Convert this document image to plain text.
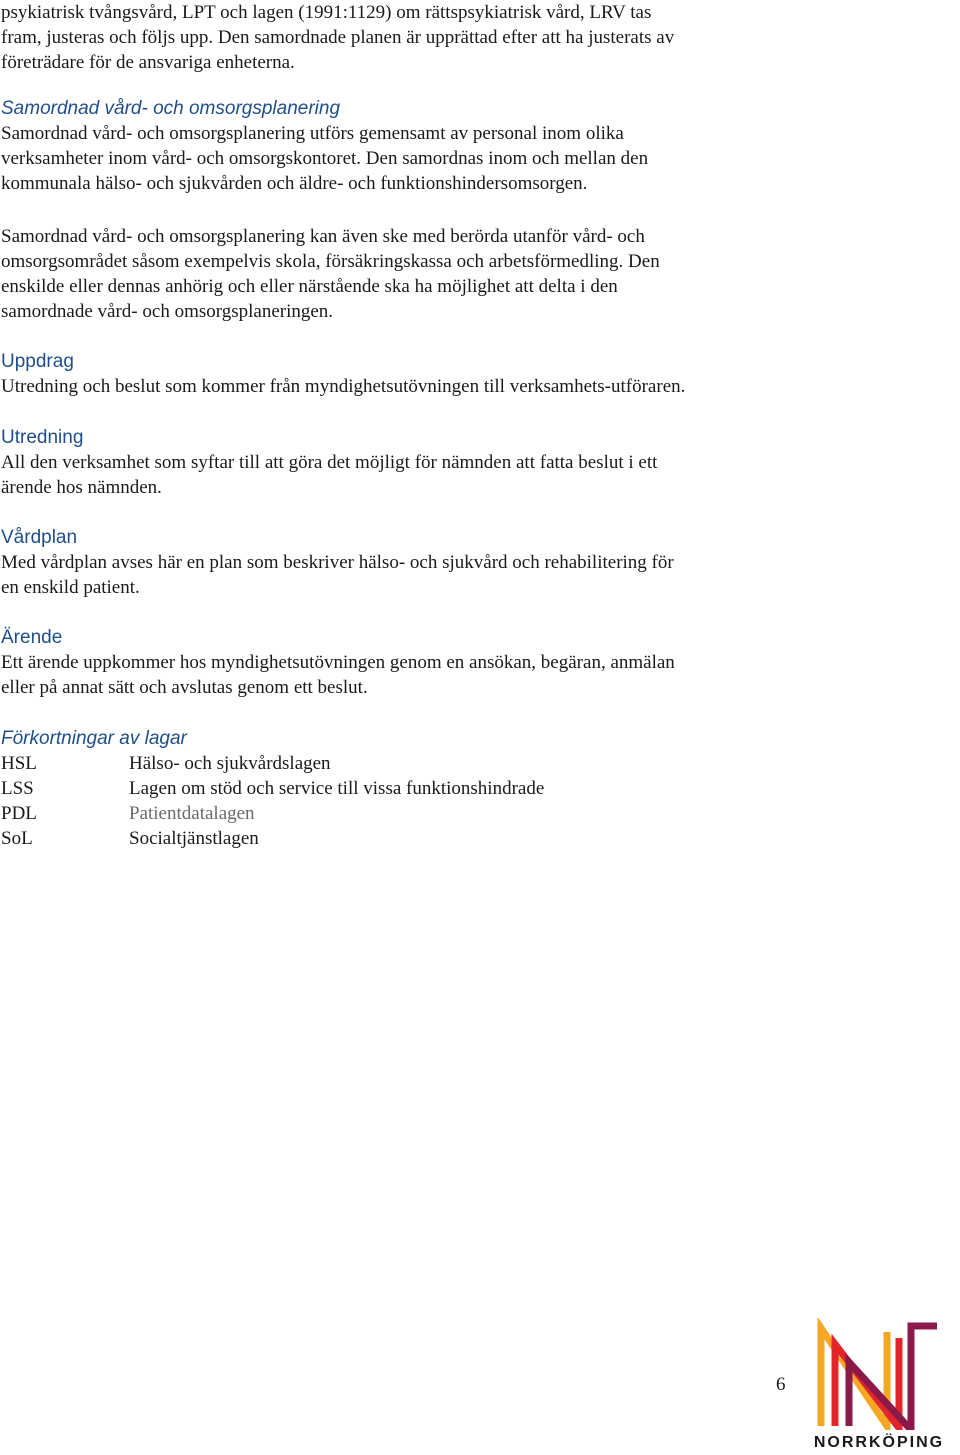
psykiatrisk tvångsvård, LPT och lagen (1991:1129) om rättspsykiatrisk vård, LRV tas

fram, justeras och följs upp. Den samordnade planen är upprättad efter att ha justerats av

företrädare för de ansvariga enheterna.

Samordnad vård- och omsorgsplanering

Samordnad vård- och omsorgsplanering utförs gemensamt av personal inom olika

verksamheter inom vård- och omsorgskontoret. Den samordnas inom och mellan den

kommunala hälso- och sjukvården och äldre- och funktionshindersomsorgen.

Samordnad vård- och omsorgsplanering kan även ske med berörda utanför vård- och

omsorgsområdet såsom exempelvis skola, försäkringskassa och arbetsförmedling. Den

enskilde eller dennas anhörig och eller närstående ska ha möjlighet att delta i den

samordnade vård- och omsorgsplaneringen.

Uppdrag

Utredning och beslut som kommer från myndighetsutövningen till verksamhets-utföraren.

Utredning

All den verksamhet som syftar till att göra det möjligt för nämnden att fatta beslut i ett

ärende hos nämnden.

Vårdplan

Med vårdplan avses här en plan som beskriver hälso- och sjukvård och rehabilitering för

en enskild patient.

Ärende

Ett ärende uppkommer hos myndighetsutövningen genom en ansökan, begäran, anmälan

eller på annat sätt och avslutas genom ett beslut.

Förkortningar av lagar

HSL	Hälso- och sjukvårdslagen
LSS	Lagen om stöd och service till vissa funktionshindrade
PDL	Patientdatalagen
SoL	Socialtjänstlagen
6
NORRKÖPING
